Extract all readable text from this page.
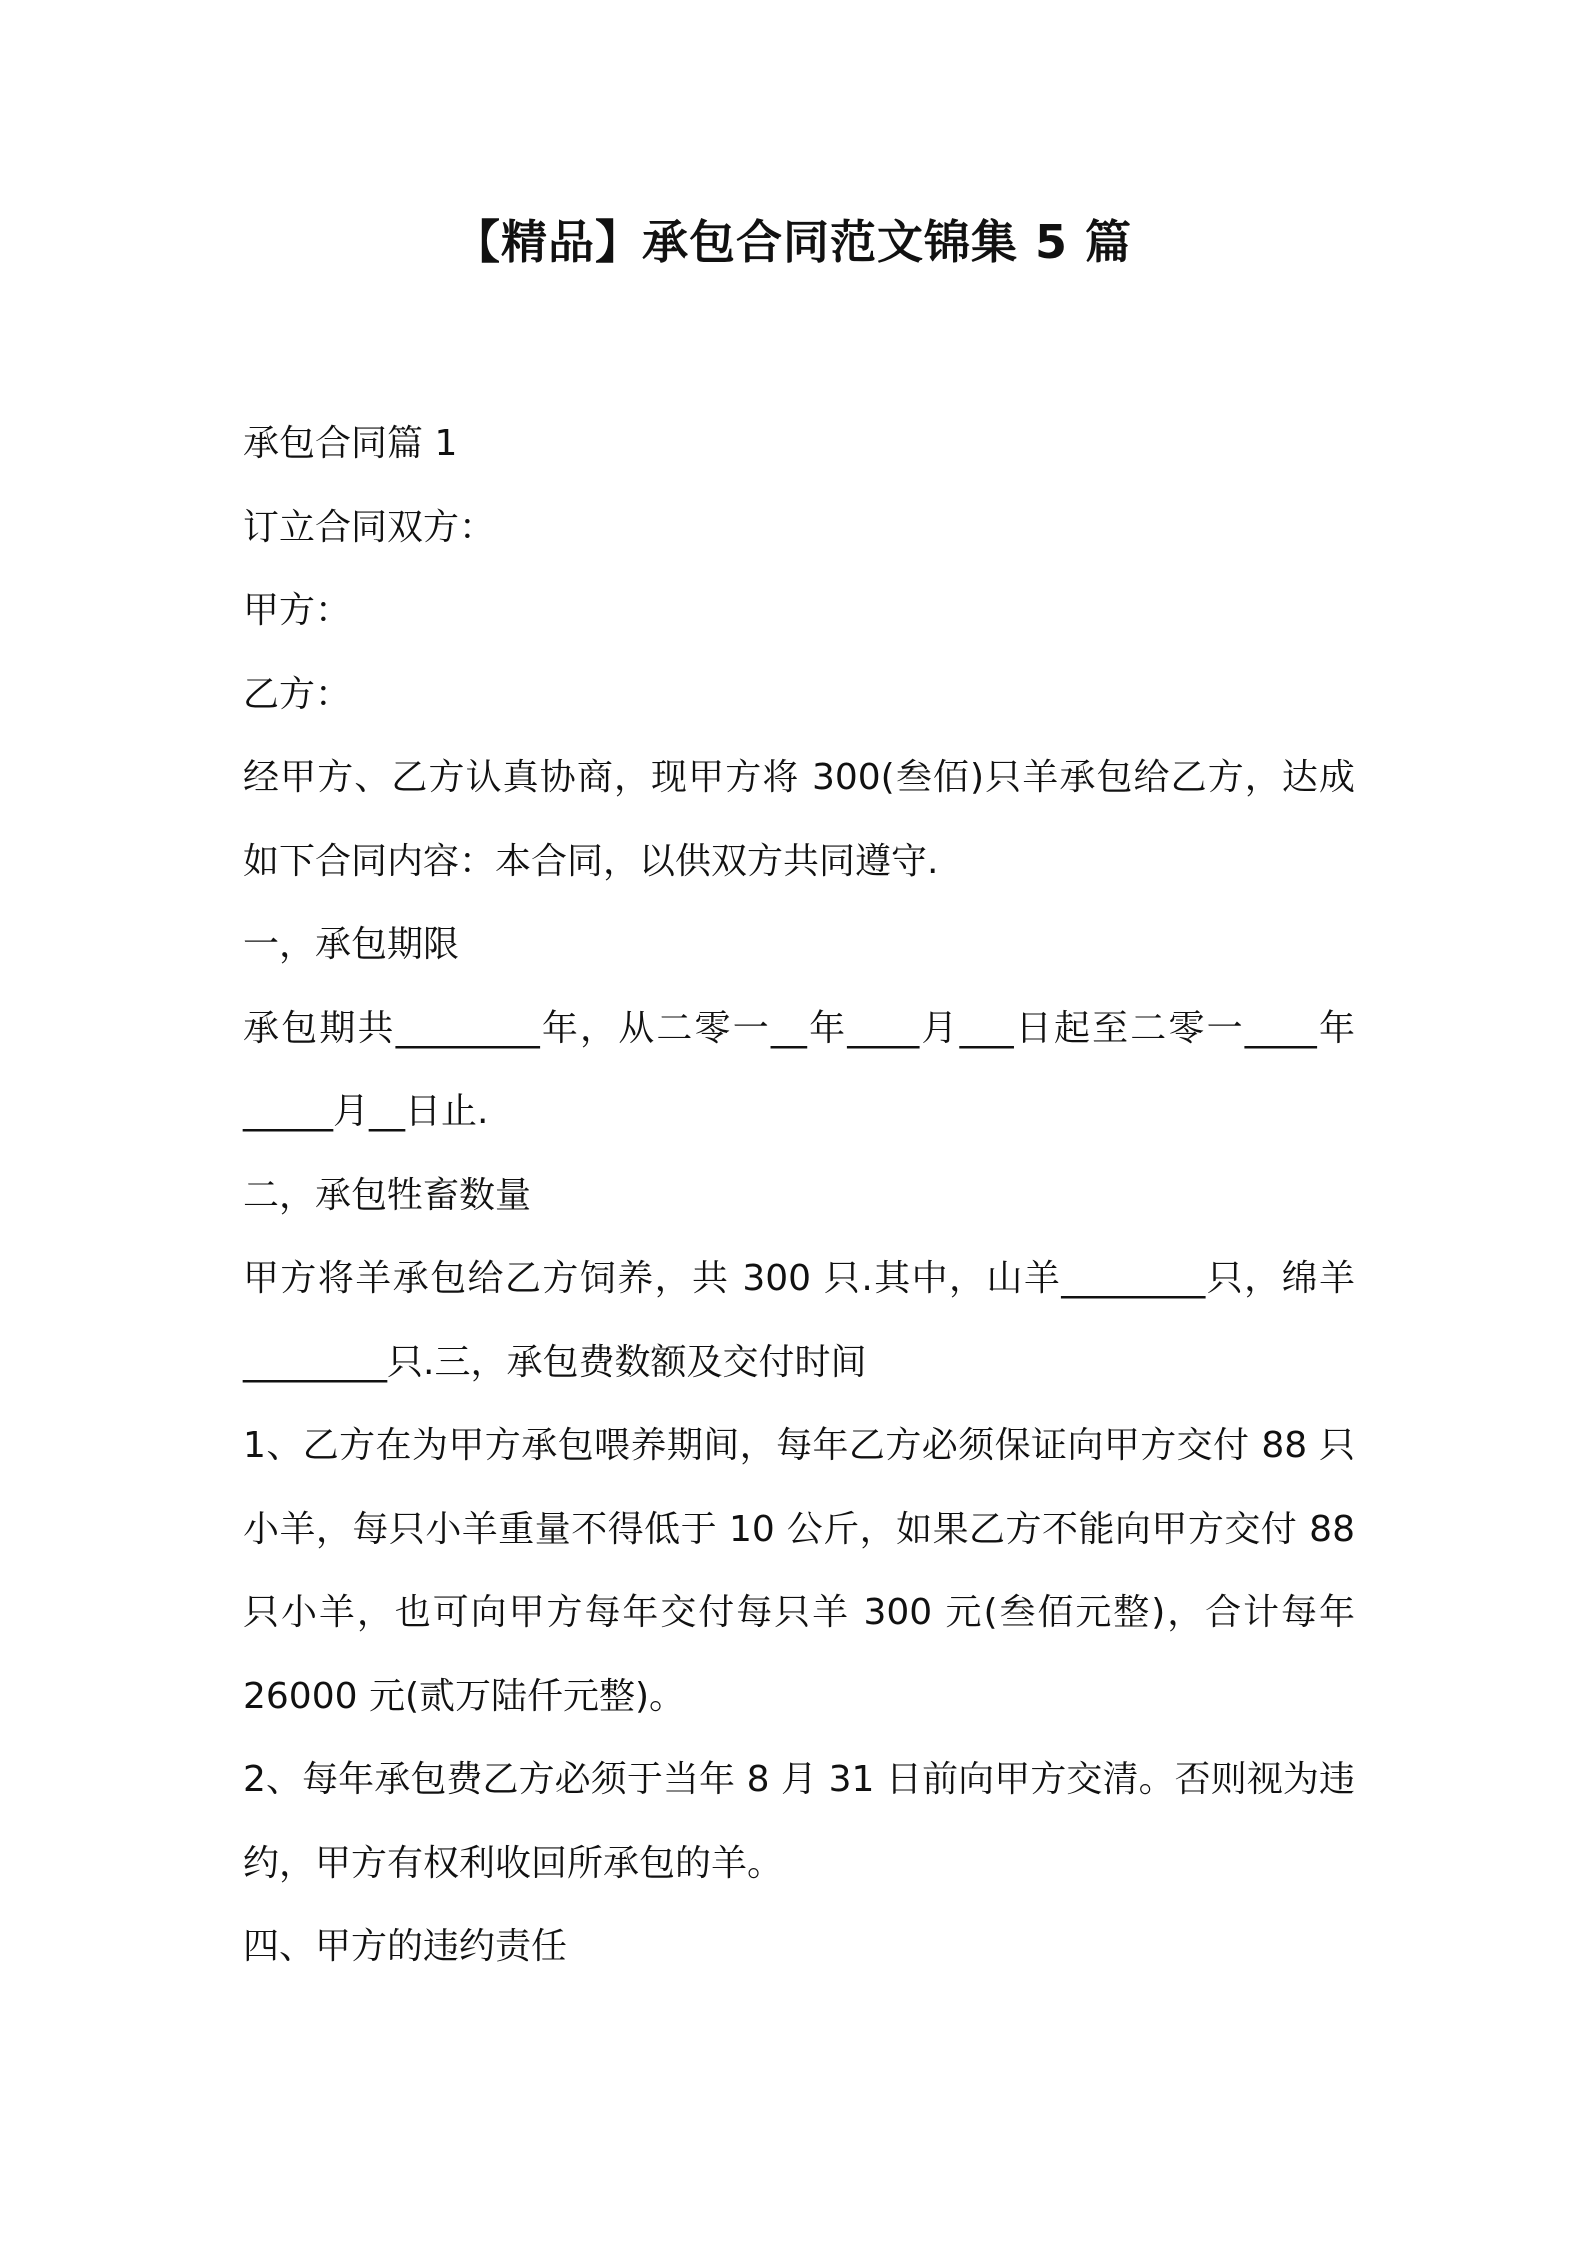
【精品】承包合同范文锦集 5 篇

承包合同篇 1

订立合同双方：

甲方：

乙方：

经甲方、乙方认真协商，现甲方将 300(叁佰)只羊承包给乙方，达成如下合同内容：本合同，以供双方共同遵守.

一，承包期限

承包期共________年，从二零一__年____月___日起至二零一____年_____月__日止.

二，承包牲畜数量

甲方将羊承包给乙方饲养，共 300 只.其中，山羊________只，绵羊________只.三，承包费数额及交付时间

1、乙方在为甲方承包喂养期间，每年乙方必须保证向甲方交付 88 只小羊，每只小羊重量不得低于 10 公斤，如果乙方不能向甲方交付 88 只小羊，也可向甲方每年交付每只羊 300 元(叁佰元整)，合计每年 26000 元(贰万陆仟元整)。

2、每年承包费乙方必须于当年 8 月 31 日前向甲方交清。否则视为违约，甲方有权利收回所承包的羊。

四、甲方的违约责任
